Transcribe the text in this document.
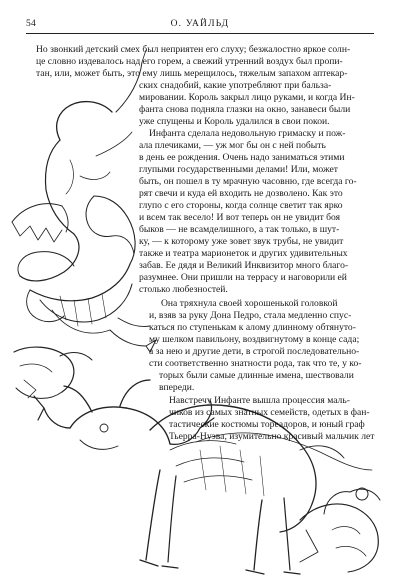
54	О. УАЙЛЬД
Но звонкий детский смех был неприятен его слуху; безжалостно яркое солн-
це словно издевалось над его горем, а свежий утренний воздух был пропи-
тан, или, может быть, это ему лишь мерещилось, тяжелым запахом аптекар-
ских снадобий, какие употребляют при бальза-
мировании. Король закрыл лицо руками, и когда Ин-
фанта снова подняла глазки на окно, занавеси были
уже спущены и Король удалился в свои покои.
Инфанта сделала недовольную гримаску и пож-
ала плечиками, — уж мог бы он с ней побыть
в день ее рождения. Очень надо заниматься этими
глупыми государственными делами! Или, может
быть, он пошел в ту мрачную часовню, где всегда го-
рят свечи и куда ей входить не дозволено. Как это
глупо с его стороны, когда солнце светит так ярко
и всем так весело! И вот теперь он не увидит боя
быков — не всамделишного, а так только, в шут-
ку, — к которому уже зовет звук трубы, не увидит
также и театра марионеток и других удивительных
забав. Ее дядя и Великий Инквизитор много благо-
разумнее. Они пришли на террасу и наговорили ей
столько любезностей.
Она тряхнула своей хорошенькой головкой
и, взяв за руку Дона Педро, стала медленно спус-
каться по ступенькам к алому длинному обтянуто-
му шелком павильону, воздвигнутому в конце сада;
а за нею и другие дети, в строгой последовательно-
сти соответственно знатности рода, так что те, у ко-
торых были самые длинные имена, шествовали
впереди.
Навстречу Инфанте вышла процессия маль-
чиков из самых знатных семейств, одетых в фан-
тастические костюмы тореадоров, и юный граф
Тьерра-Нуэва, изумительно красивый мальчик лет
